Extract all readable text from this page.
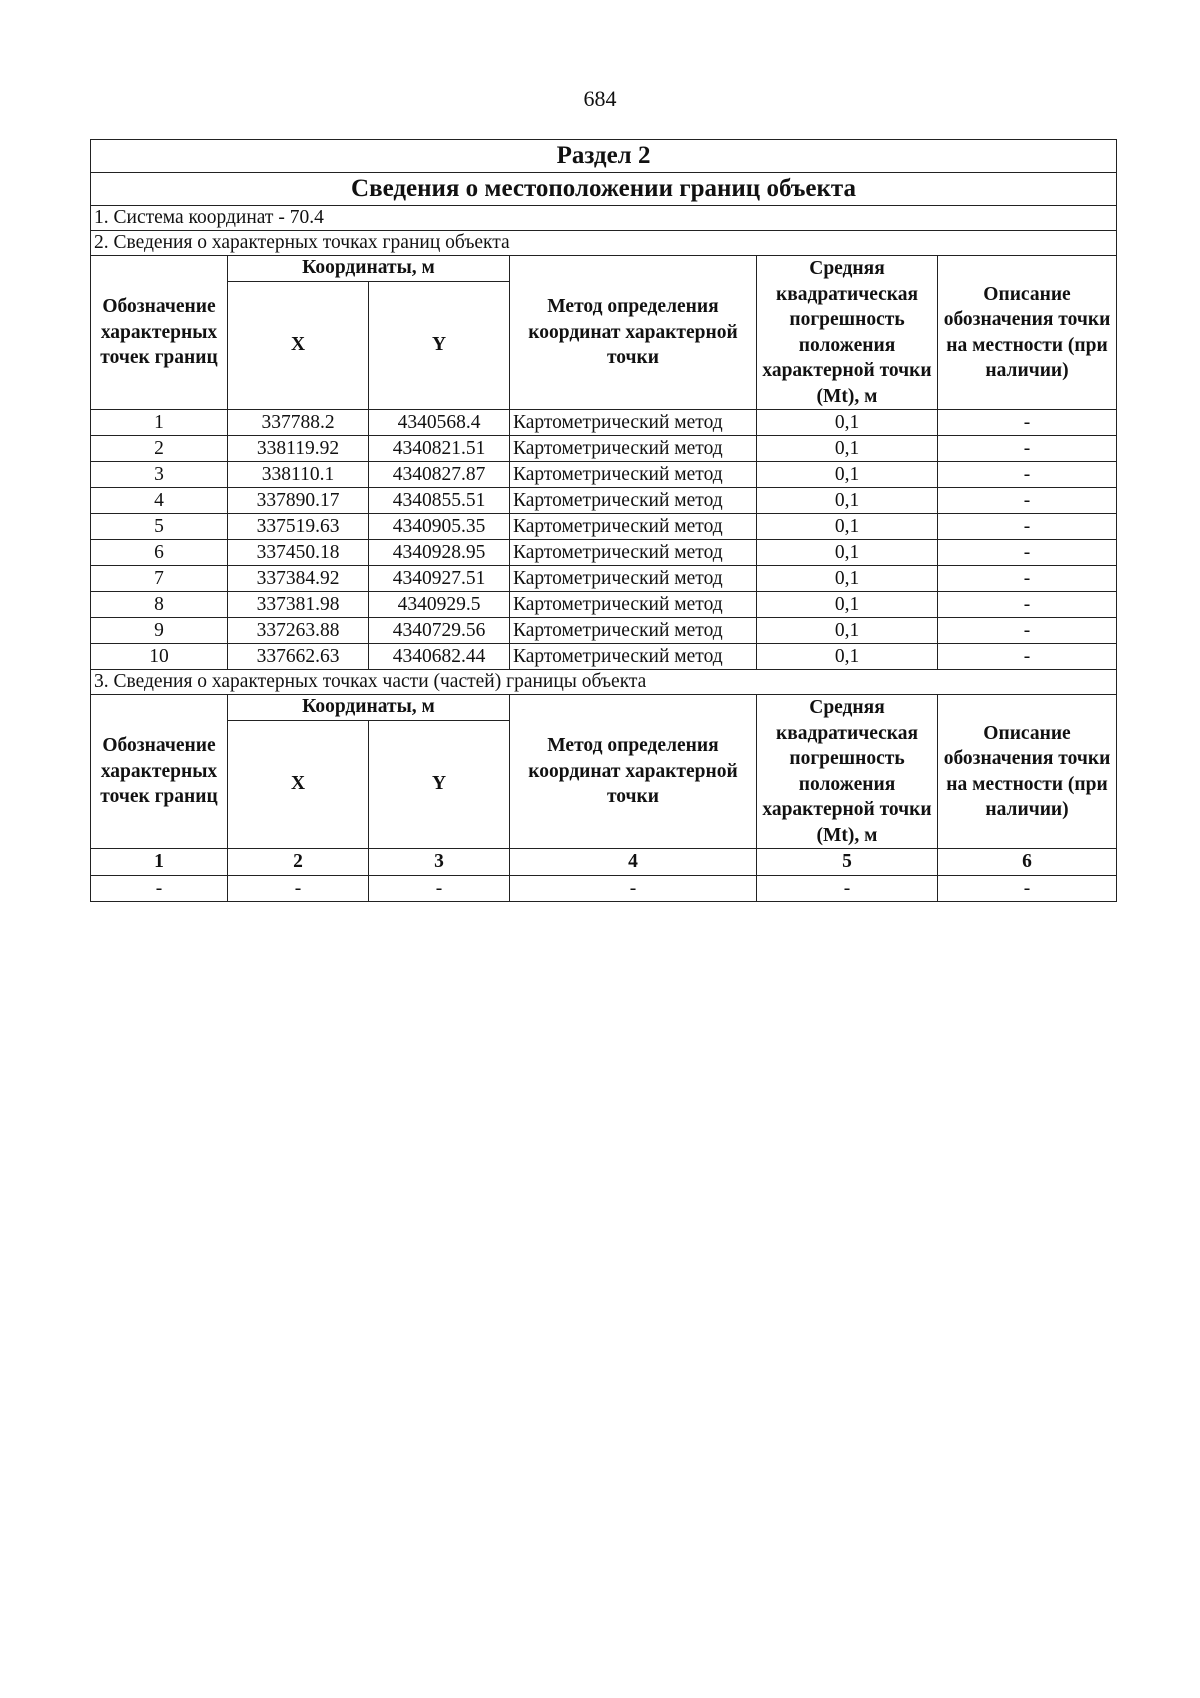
684
Раздел 2					
Сведения о местоположении границ объекта					
1. Система координат - 70.4					
2. Сведения о характерных точках границ объекта					
Обозначение характерных точек границ	Координаты, м		Метод определения координат характерной точки	Средняя квадратическая погрешность положения характерной точки (Mt), м	Описание обозначения точки на местности (при наличии)
	X	Y			
1	337788.2	4340568.4	Картометрический метод	0,1	-
2	338119.92	4340821.51	Картометрический метод	0,1	-
3	338110.1	4340827.87	Картометрический метод	0,1	-
4	337890.17	4340855.51	Картометрический метод	0,1	-
5	337519.63	4340905.35	Картометрический метод	0,1	-
6	337450.18	4340928.95	Картометрический метод	0,1	-
7	337384.92	4340927.51	Картометрический метод	0,1	-
8	337381.98	4340929.5	Картометрический метод	0,1	-
9	337263.88	4340729.56	Картометрический метод	0,1	-
10	337662.63	4340682.44	Картометрический метод	0,1	-
3. Сведения о характерных точках части (частей) границы объекта					
Обозначение характерных точек границ	Координаты, м		Метод определения координат характерной точки	Средняя квадратическая погрешность положения характерной точки (Mt), м	Описание обозначения точки на местности (при наличии)
	X	Y			
1	2	3	4	5	6
-	-	-	-	-	-
